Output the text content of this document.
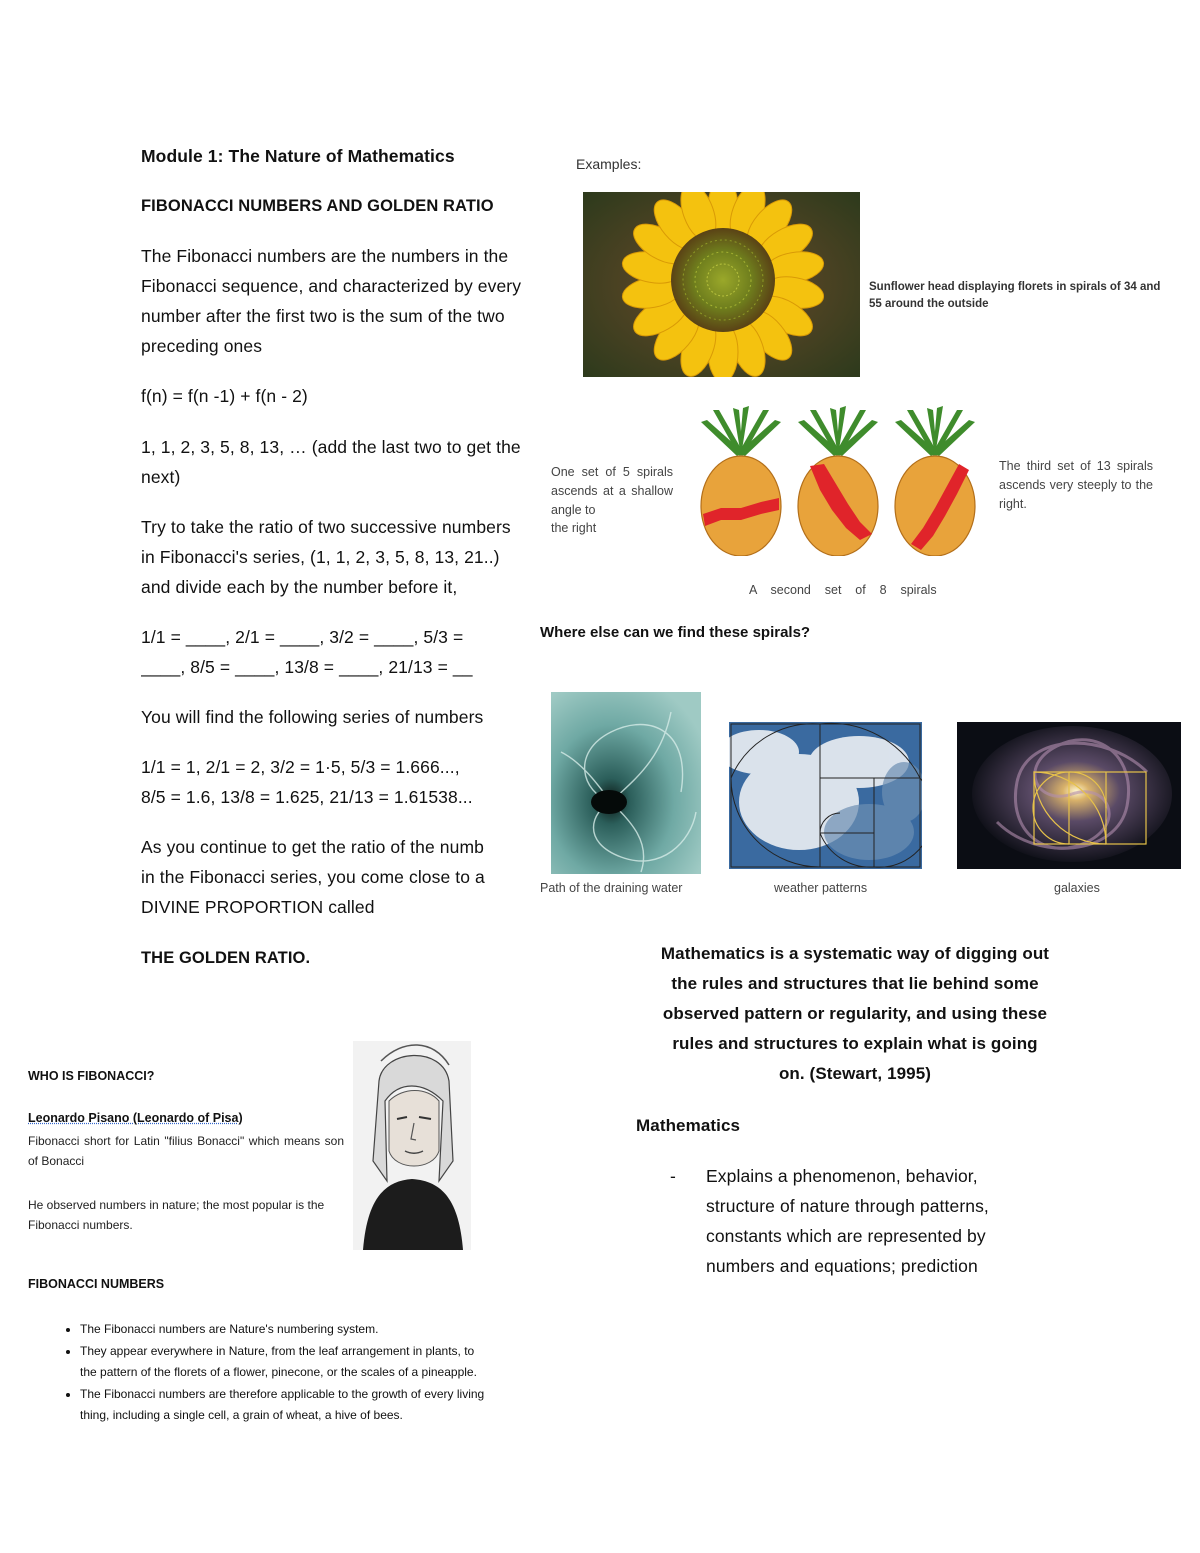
Module 1: The Nature of Mathematics
FIBONACCI NUMBERS AND GOLDEN RATIO
The Fibonacci numbers are the numbers in the
Fibonacci sequence, and characterized by every
number after the first two is the sum of the two
preceding ones
f(n) = f(n -1) + f(n - 2)
1, 1, 2, 3, 5, 8, 13, … (add the last two to get the
next)
Try to take the ratio of two successive numbers
in Fibonacci's series, (1, 1, 2, 3, 5, 8, 13, 21..)
and divide each by the number before it,
1/1 = ____, 2/1 = ____, 3/2 = ____, 5/3 =
____, 8/5 = ____, 13/8 = ____, 21/13 = __
You will find the following series of numbers
1/1 = 1, 2/1 = 2, 3/2 = 1·5, 5/3 = 1.666...,
8/5 = 1.6, 13/8 = 1.625, 21/13 = 1.61538...
As you continue to get the ratio of the numb
in the Fibonacci series, you come close to a
DIVINE PROPORTION called
THE GOLDEN RATIO.
Examples:
Sunflower head displaying florets in spirals of 34 and 55 around the outside
One set of 5 spirals ascends at a shallow angle to
the right
The third set of 13 spirals ascends very steeply to the right.
A    second    set    of    8    spirals
Where else can we find these spirals?
Path of the draining water	weather patterns	galaxies
WHO IS FIBONACCI?
Leonardo Pisano (Leonardo of Pisa)
Fibonacci short for Latin "filius Bonacci" which means son of Bonacci
He observed numbers in nature; the most popular is the Fibonacci numbers.
FIBONACCI NUMBERS
• The Fibonacci numbers are Nature's numbering system.
• They appear everywhere in Nature, from the leaf arrangement in plants, to the pattern of the florets of a flower, pinecone, or the scales of a pineapple.
• The Fibonacci numbers are therefore applicable to the growth of every living thing, including a single cell, a grain of wheat, a hive of bees.
Mathematics is a systematic way of digging out
the rules and structures that lie behind some
observed pattern or regularity, and using these
rules and structures to explain what is going
on. (Stewart, 1995)
Mathematics
- Explains a phenomenon, behavior,
structure of nature through patterns,
constants which are represented by
numbers and equations; prediction
